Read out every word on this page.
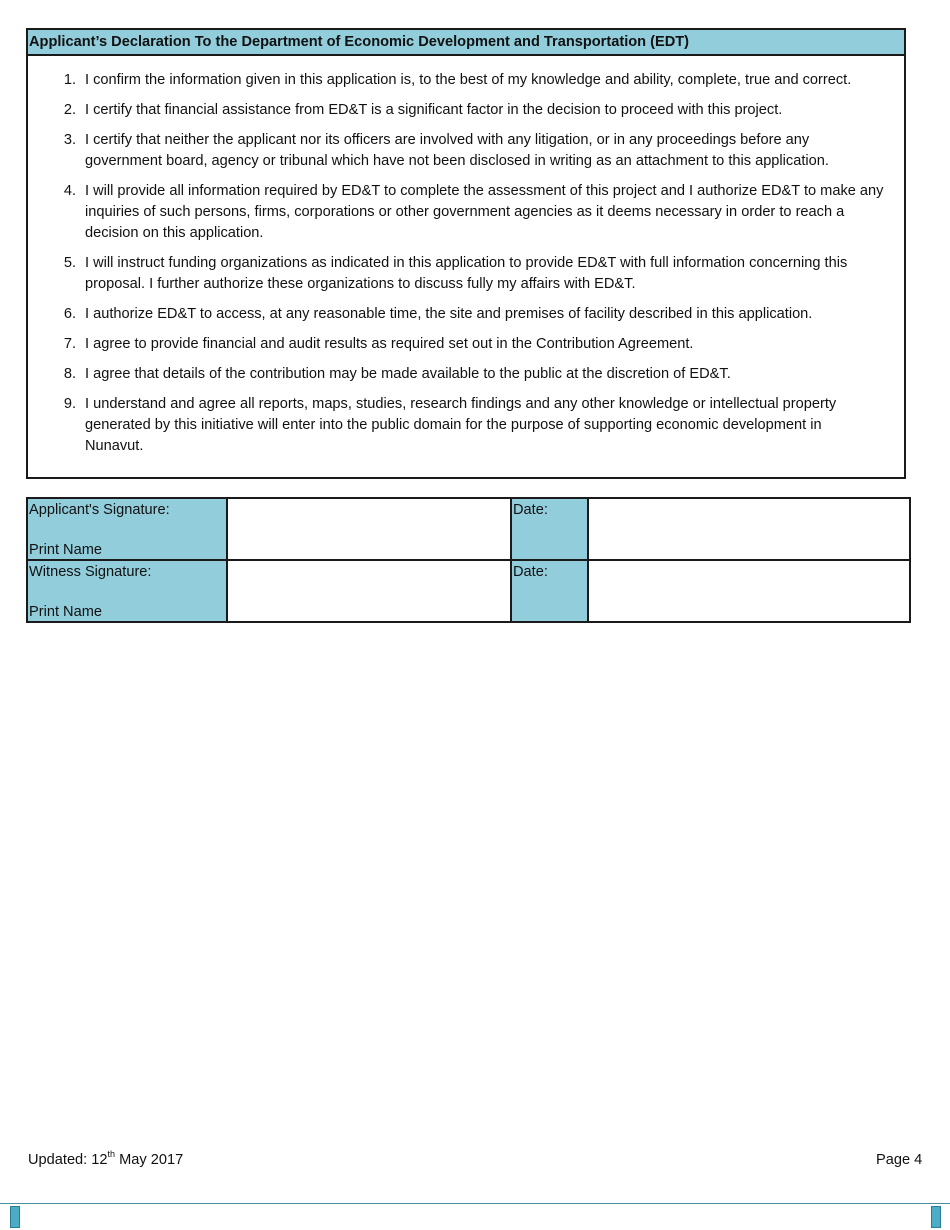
Applicant’s Declaration To the Department of Economic Development and Transportation (EDT)
1. I confirm the information given in this application is, to the best of my knowledge and ability, complete, true and correct.
2. I certify that financial assistance from ED&T is a significant factor in the decision to proceed with this project.
3. I certify that neither the applicant nor its officers are involved with any litigation, or in any proceedings before any government board, agency or tribunal which have not been disclosed in writing as an attachment to this application.
4. I will provide all information required by ED&T to complete the assessment of this project and I authorize ED&T to make any inquiries of such persons, firms, corporations or other government agencies as it deems necessary in order to reach a decision on this application.
5. I will instruct funding organizations as indicated in this application to provide ED&T with full information concerning this proposal. I further authorize these organizations to discuss fully my affairs with ED&T.
6. I authorize ED&T to access, at any reasonable time, the site and premises of facility described in this application.
7. I agree to provide financial and audit results as required set out in the Contribution Agreement.
8. I agree that details of the contribution may be made available to the public at the discretion of ED&T.
9. I understand and agree all reports, maps, studies, research findings and any other knowledge or intellectual property generated by this initiative will enter into the public domain for the purpose of supporting economic development in Nunavut.
Applicant's Signature:
Print Name		Date:	

Witness Signature:
Print Name		Date:	

Updated: 12th May 2017	Page 4
